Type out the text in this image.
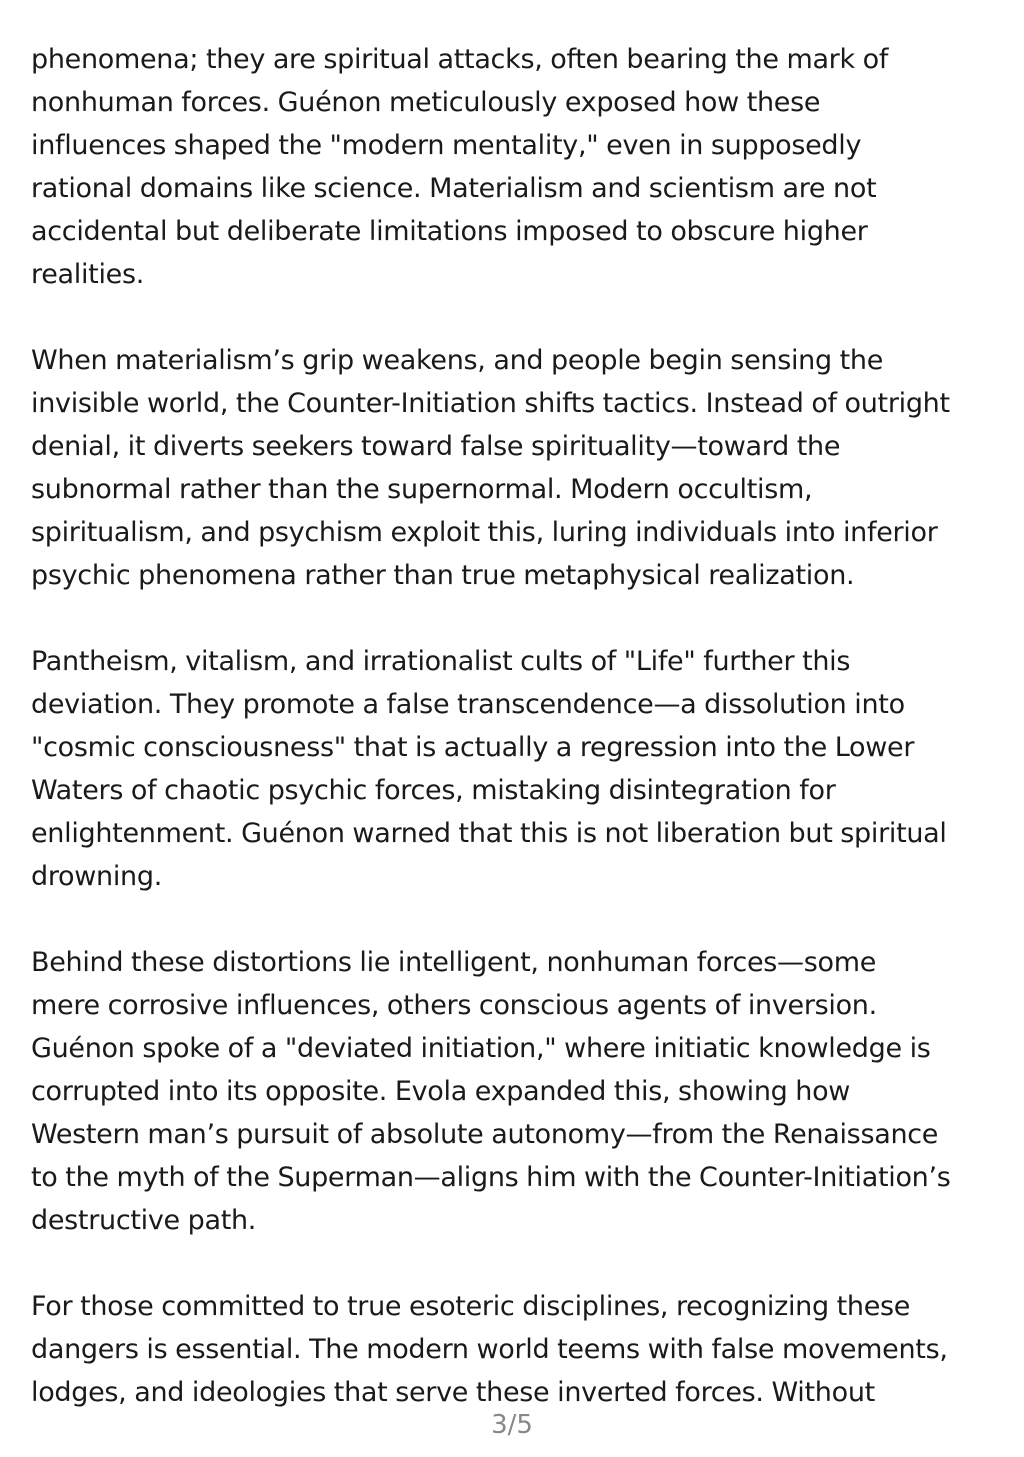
phenomena; they are spiritual attacks, often bearing the mark of
nonhuman forces. Guénon meticulously exposed how these
influences shaped the "modern mentality," even in supposedly
rational domains like science. Materialism and scientism are not
accidental but deliberate limitations imposed to obscure higher
realities.

When materialism’s grip weakens, and people begin sensing the
invisible world, the Counter-Initiation shifts tactics. Instead of outright
denial, it diverts seekers toward false spirituality—toward the
subnormal rather than the supernormal. Modern occultism,
spiritualism, and psychism exploit this, luring individuals into inferior
psychic phenomena rather than true metaphysical realization.

Pantheism, vitalism, and irrationalist cults of "Life" further this
deviation. They promote a false transcendence—a dissolution into
"cosmic consciousness" that is actually a regression into the Lower
Waters of chaotic psychic forces, mistaking disintegration for
enlightenment. Guénon warned that this is not liberation but spiritual
drowning.

Behind these distortions lie intelligent, nonhuman forces—some
mere corrosive influences, others conscious agents of inversion.
Guénon spoke of a "deviated initiation," where initiatic knowledge is
corrupted into its opposite. Evola expanded this, showing how
Western man’s pursuit of absolute autonomy—from the Renaissance
to the myth of the Superman—aligns him with the Counter-Initiation’s
destructive path.

For those committed to true esoteric disciplines, recognizing these
dangers is essential. The modern world teems with false movements,
lodges, and ideologies that serve these inverted forces. Without

3/5
